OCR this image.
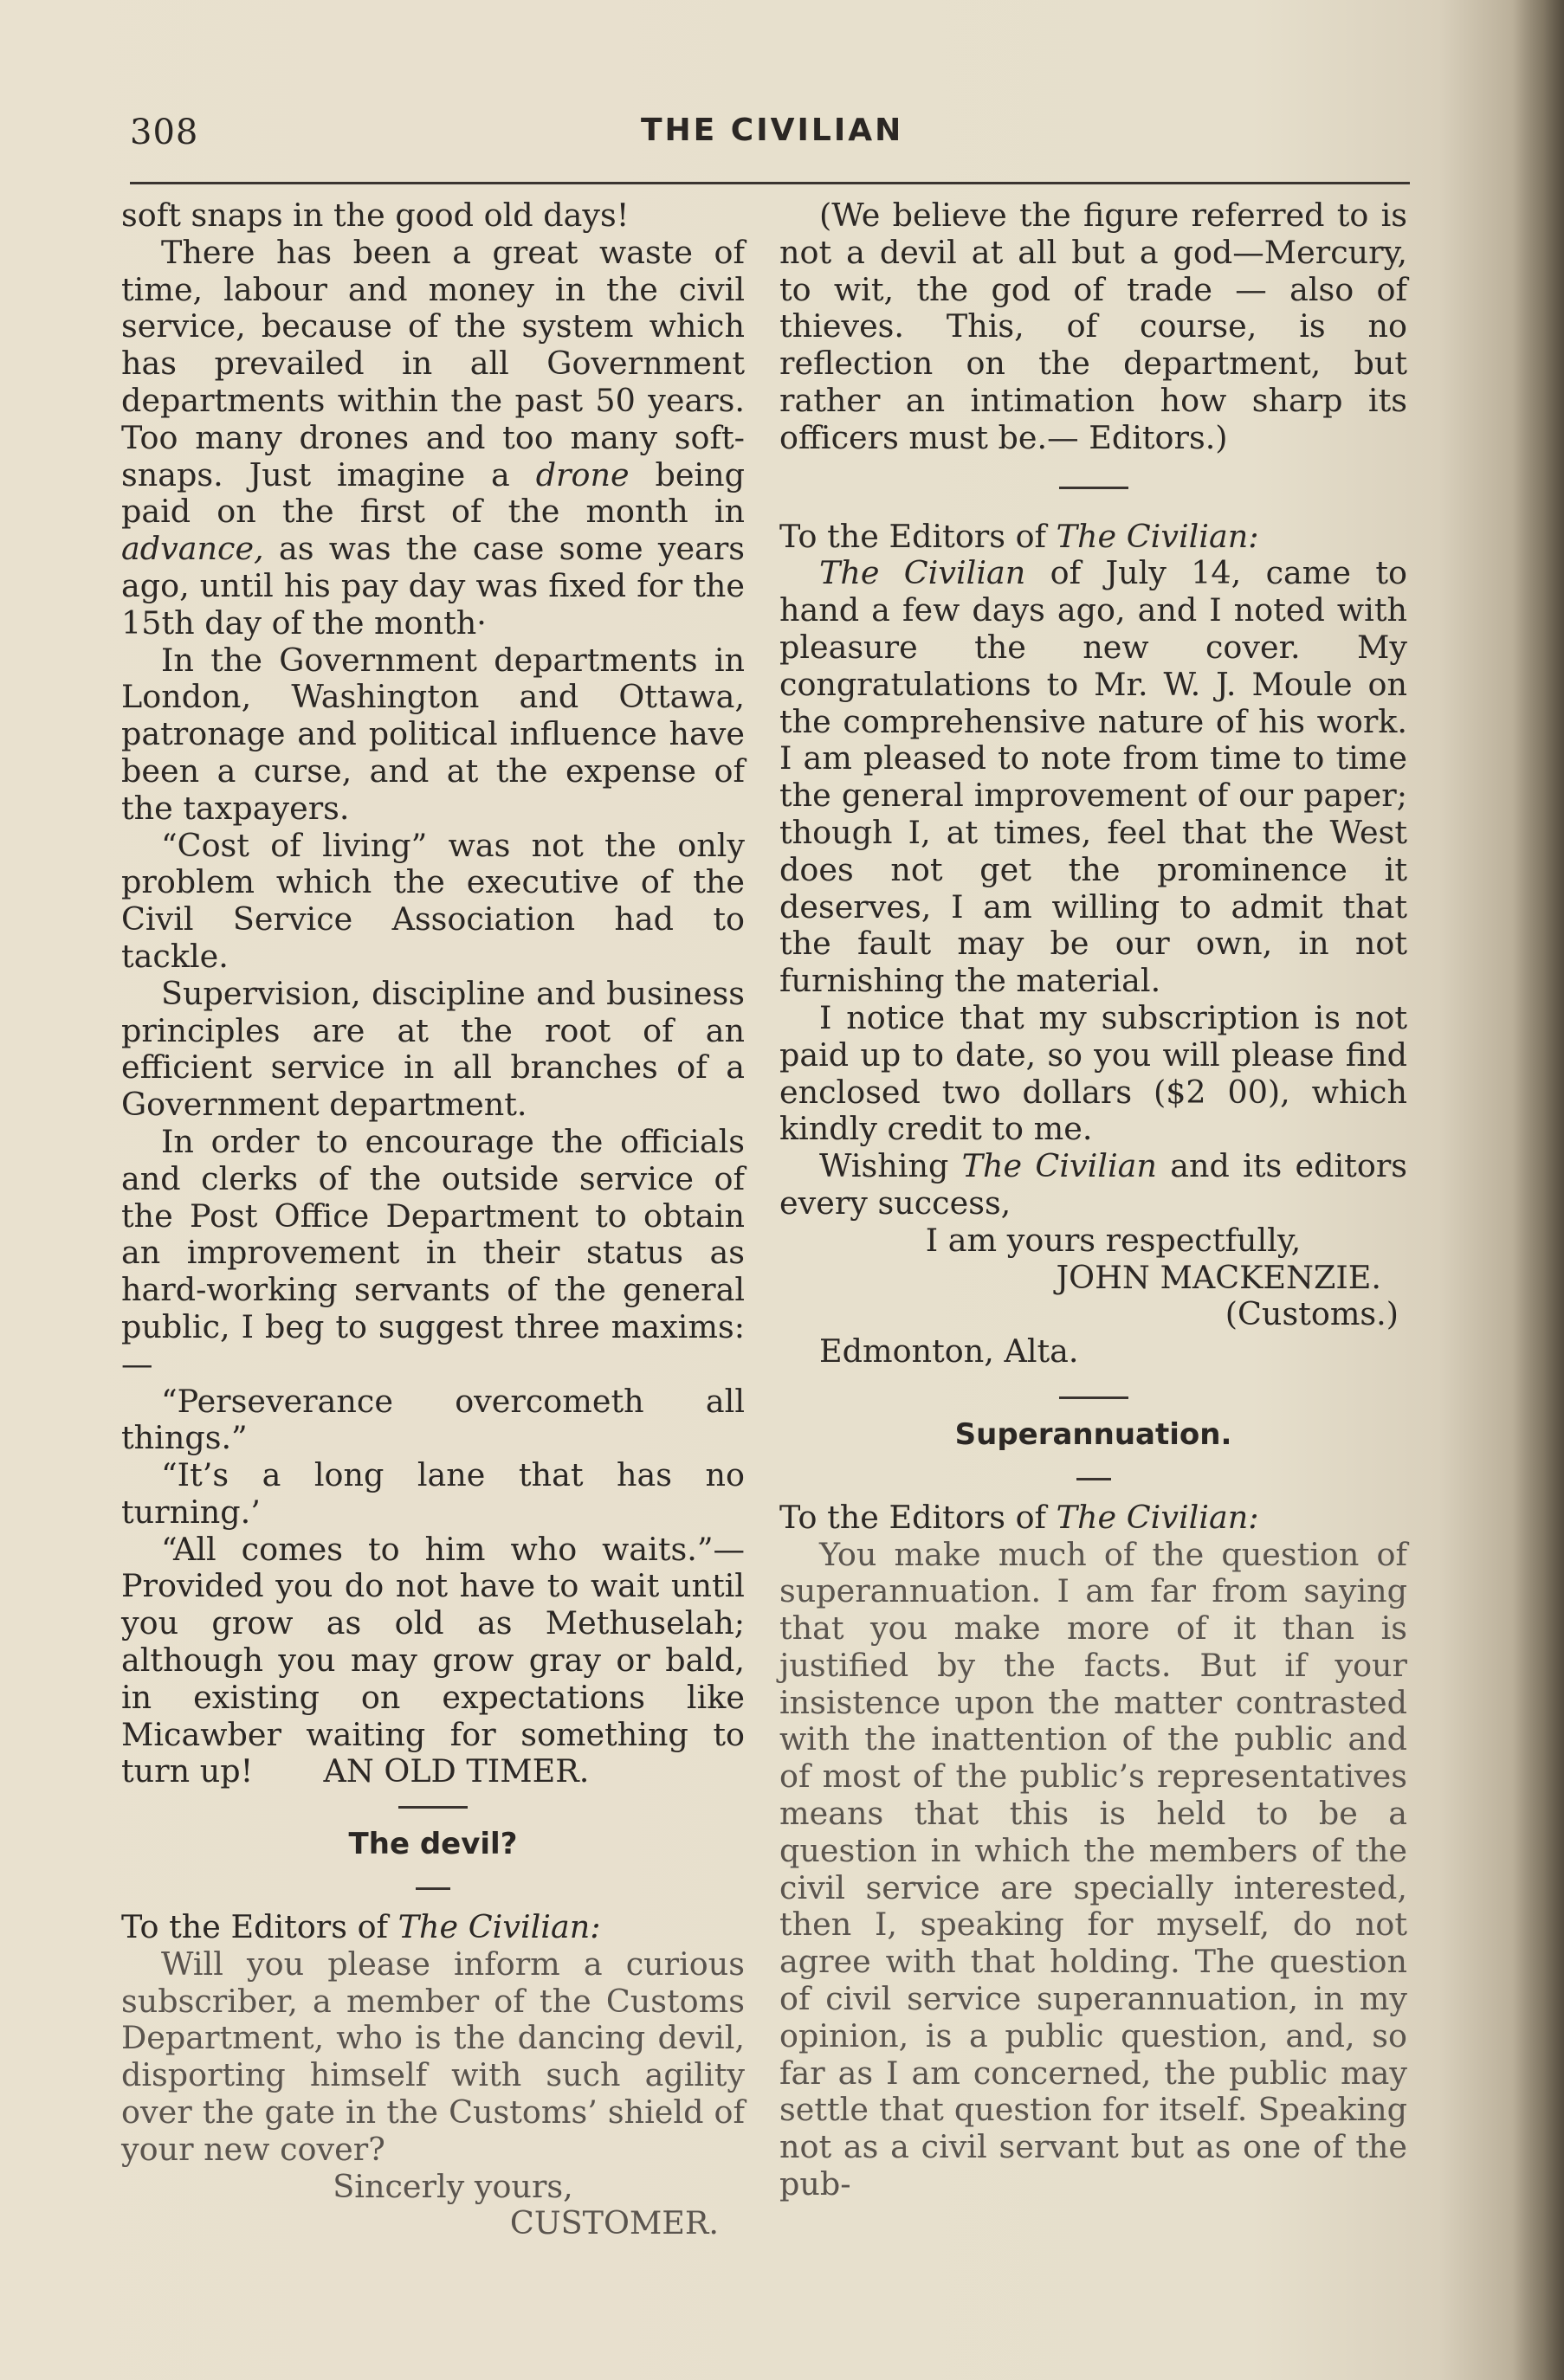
308	THE CIVILIAN

soft snaps in the good old days!

There has been a great waste of time, labour and money in the civil service, because of the system which has prevailed in all Government departments within the past 50 years. Too many drones and too many soft-snaps. Just imagine a drone being paid on the first of the month in advance, as was the case some years ago, until his pay day was fixed for the 15th day of the month·

In the Government departments in London, Washington and Ottawa, patronage and political influence have been a curse, and at the expense of the taxpayers.

“Cost of living” was not the only problem which the executive of the Civil Service Association had to tackle.

Supervision, discipline and business principles are at the root of an efficient service in all branches of a Government department.

In order to encourage the officials and clerks of the outside service of the Post Office Department to obtain an improvement in their status as hard-working servants of the general public, I beg to suggest three maxims:—

“Perseverance overcometh all things.”

“It’s a long lane that has no turning.’

“All comes to him who waits.”—Provided you do not have to wait until you grow as old as Methuselah; although you may grow gray or bald, in existing on expectations like Micawber waiting for something to turn up! AN OLD TIMER.

The devil?

To the Editors of The Civilian:

Will you please inform a curious subscriber, a member of the Customs Department, who is the dancing devil, disporting himself with such agility over the gate in the Customs’ shield of your new cover?

Sincerly yours,

CUSTOMER.

(We believe the figure referred to is not a devil at all but a god—Mercury, to wit, the god of trade — also of thieves. This, of course, is no reflection on the department, but rather an intimation how sharp its officers must be.— Editors.)

To the Editors of The Civilian:

The Civilian of July 14, came to hand a few days ago, and I noted with pleasure the new cover. My congratulations to Mr. W. J. Moule on the comprehensive nature of his work. I am pleased to note from time to time the general improvement of our paper; though I, at times, feel that the West does not get the prominence it deserves, I am willing to admit that the fault may be our own, in not furnishing the material.

I notice that my subscription is not paid up to date, so you will please find enclosed two dollars ($2 00), which kindly credit to me.

Wishing The Civilian and its editors every success,

I am yours respectfully,

JOHN MACKENZIE.

(Customs.)

Edmonton, Alta.

Superannuation.

To the Editors of The Civilian:

You make much of the question of superannuation. I am far from saying that you make more of it than is justified by the facts. But if your insistence upon the matter contrasted with the inattention of the public and of most of the public’s representatives means that this is held to be a question in which the members of the civil service are specially interested, then I, speaking for myself, do not agree with that holding. The question of civil service superannuation, in my opinion, is a public question, and, so far as I am concerned, the public may settle that question for itself. Speaking not as a civil servant but as one of the pub-
